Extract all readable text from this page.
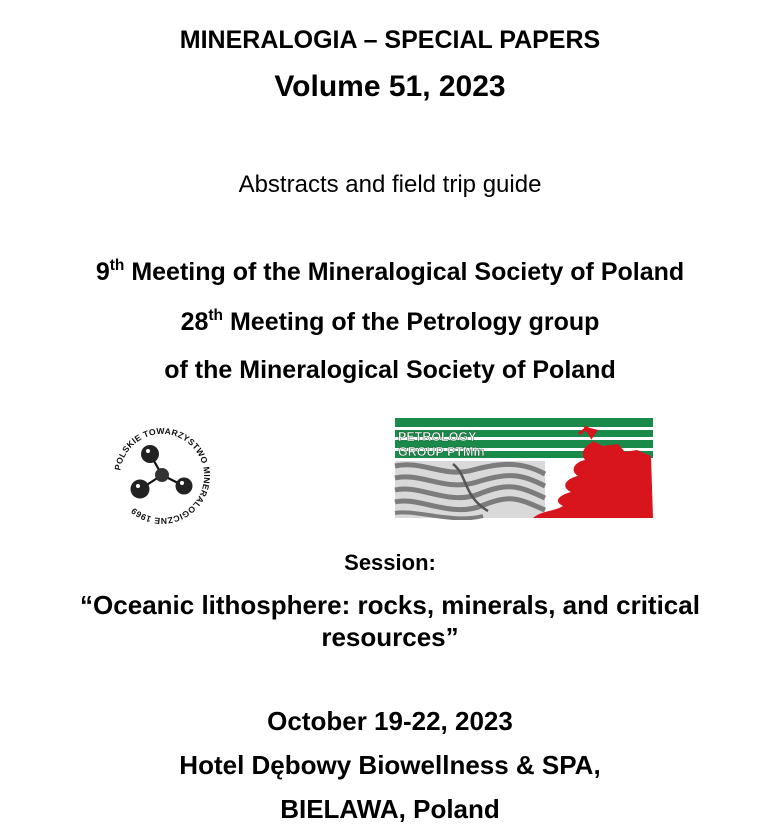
MINERALOGIA – SPECIAL PAPERS
Volume 51, 2023
Abstracts and field trip guide
9th Meeting of the Mineralogical Society of Poland
28th Meeting of the Petrology group
of the Mineralogical Society of Poland
POLSKIE TOWARZYSTWO MINERALOGICZNE 1969
PETROLOGY
GROUP PTMin
Session:
“Oceanic lithosphere: rocks, minerals, and critical
resources”
October 19-22, 2023
Hotel Dębowy Biowellness & SPA,
BIELAWA, Poland
